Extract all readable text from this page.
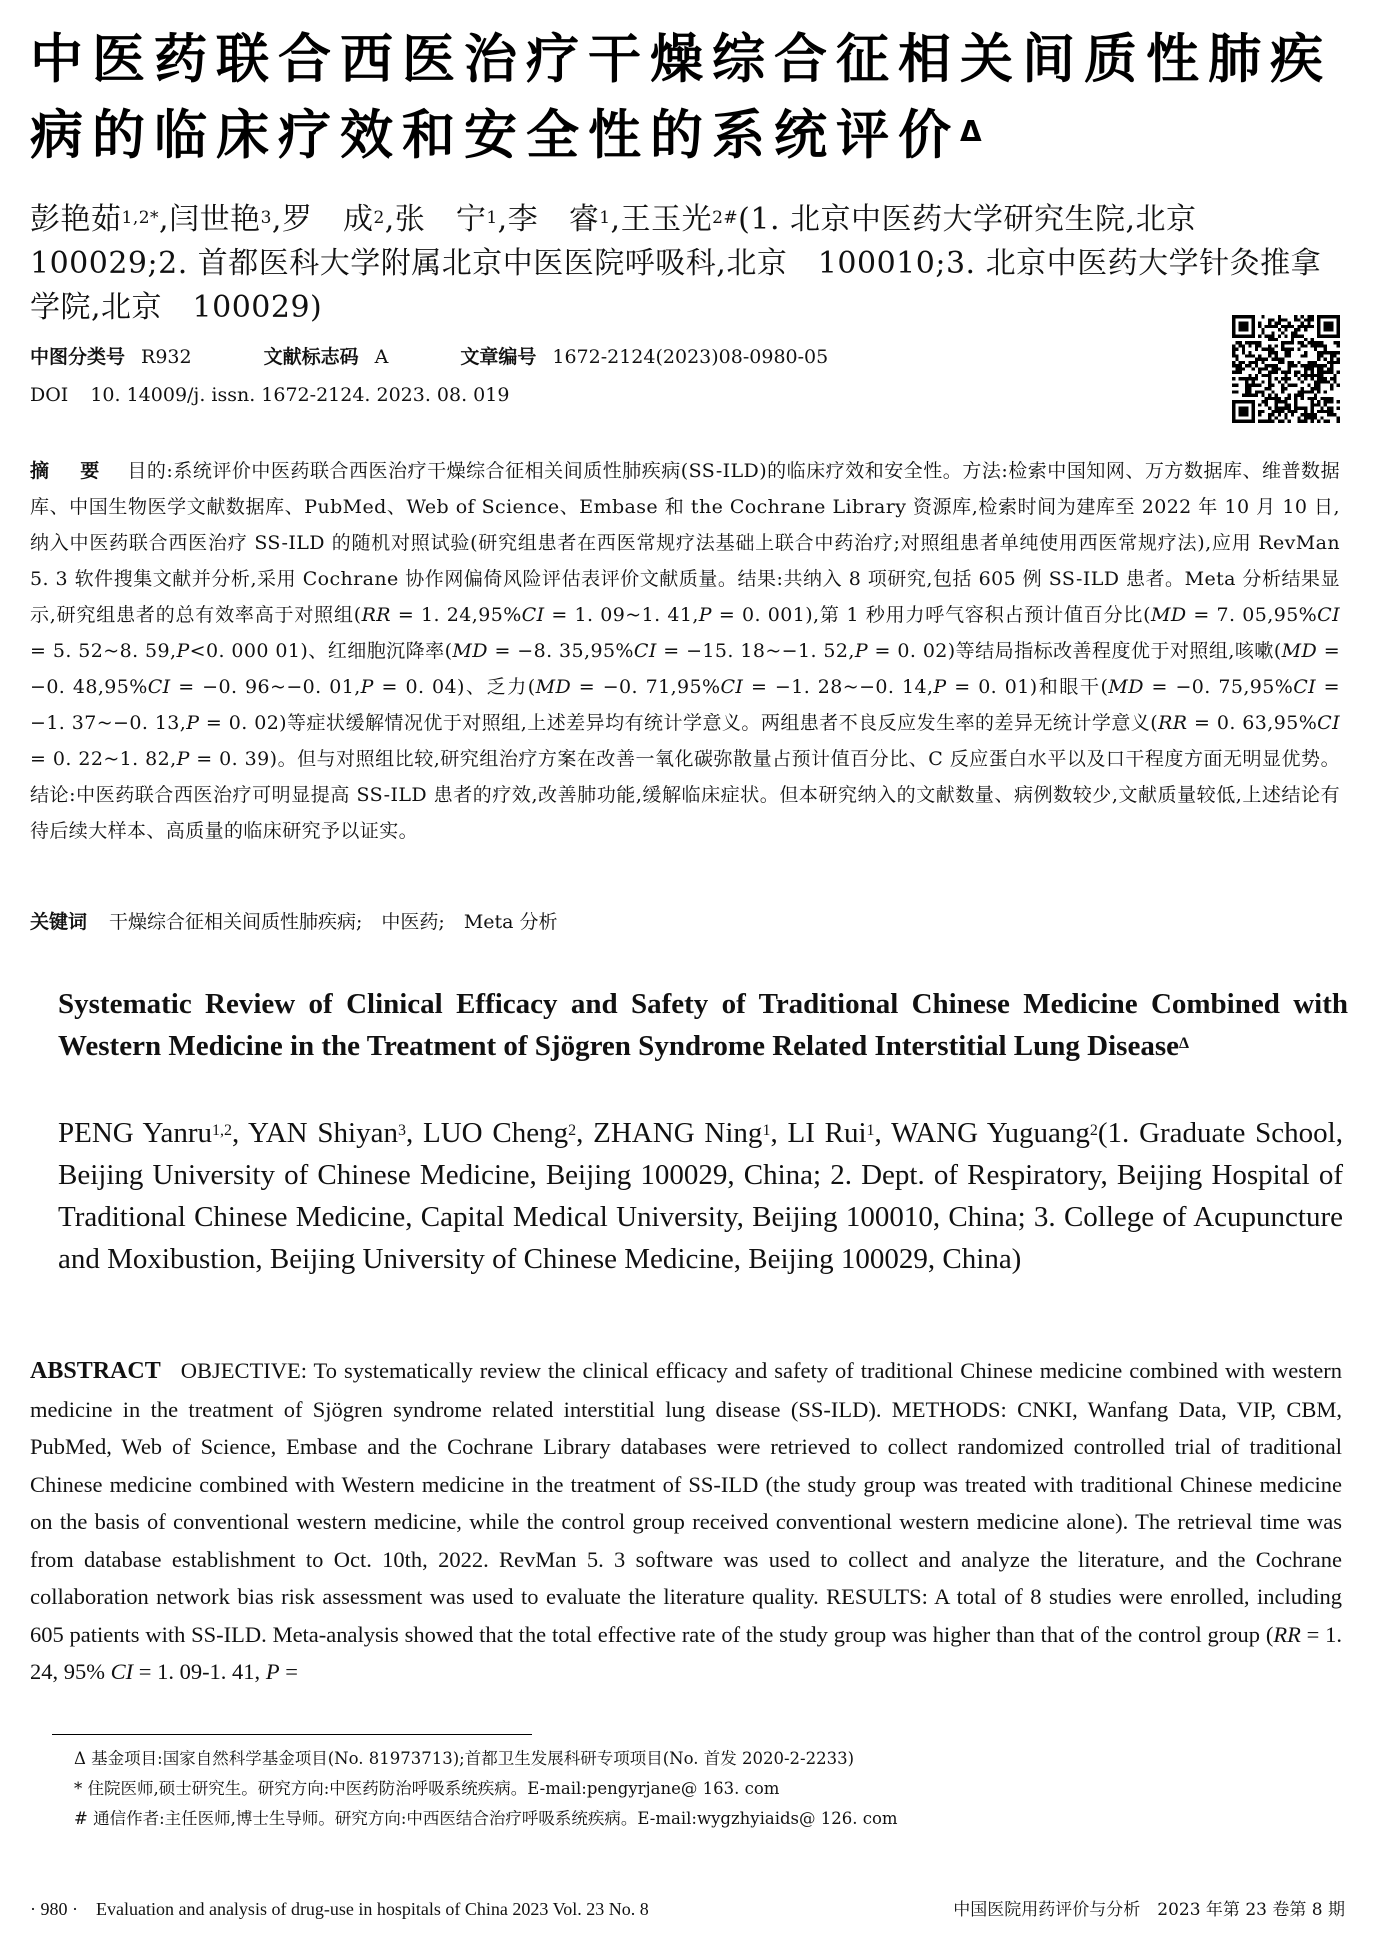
中医药联合西医治疗干燥综合征相关间质性肺疾病的临床疗效和安全性的系统评价$^\Delta$
彭艳茹$^{1,2*}$,闫世艳$^3$,罗　成$^2$,张　宁$^1$,李　睿$^1$,王玉光$^{2\#}$(1. 北京中医药大学研究生院,北京　100029;2. 首都医科大学附属北京中医医院呼吸科,北京　100010;3. 北京中医药大学针灸推拿学院,北京　100029)
中图分类号 R932	文献标志码 A	文章编号 1672-2124(2023)08-0980-05
DOI 10. 14009/j. issn. 1672-2124. 2023. 08. 019
摘　要 目的:系统评价中医药联合西医治疗干燥综合征相关间质性肺疾病(SS-ILD)的临床疗效和安全性。方法:检索中国知网、万方数据库、维普数据库、中国生物医学文献数据库、PubMed、Web of Science、Embase 和 the Cochrane Library 资源库,检索时间为建库至 2022 年 10 月 10 日,纳入中医药联合西医治疗 SS-ILD 的随机对照试验(研究组患者在西医常规疗法基础上联合中药治疗;对照组患者单纯使用西医常规疗法),应用 RevMan 5. 3 软件搜集文献并分析,采用 Cochrane 协作网偏倚风险评估表评价文献质量。结果:共纳入 8 项研究,包括 605 例 SS-ILD 患者。Meta 分析结果显示,研究组患者的总有效率高于对照组(RR = 1. 24,95%CI = 1. 09~1. 41,P = 0. 001),第 1 秒用力呼气容积占预计值百分比(MD = 7. 05,95%CI = 5. 52~8. 59,P<0. 000 01)、红细胞沉降率(MD = −8. 35,95%CI = −15. 18~−1. 52,P = 0. 02)等结局指标改善程度优于对照组,咳嗽(MD = −0. 48,95%CI = −0. 96~−0. 01,P = 0. 04)、乏力(MD = −0. 71,95%CI = −1. 28~−0. 14,P = 0. 01)和眼干(MD = −0. 75,95%CI = −1. 37~−0. 13,P = 0. 02)等症状缓解情况优于对照组,上述差异均有统计学意义。两组患者不良反应发生率的差异无统计学意义(RR = 0. 63,95%CI = 0. 22~1. 82,P = 0. 39)。但与对照组比较,研究组治疗方案在改善一氧化碳弥散量占预计值百分比、C 反应蛋白水平以及口干程度方面无明显优势。结论:中医药联合西医治疗可明显提高 SS-ILD 患者的疗效,改善肺功能,缓解临床症状。但本研究纳入的文献数量、病例数较少,文献质量较低,上述结论有待后续大样本、高质量的临床研究予以证实。
关键词 干燥综合征相关间质性肺疾病;　中医药;　Meta 分析
Systematic Review of Clinical Efficacy and Safety of Traditional Chinese Medicine Combined with Western Medicine in the Treatment of Sjögren Syndrome Related Interstitial Lung Disease$^\Delta$
PENG Yanru$^{1,2}$, YAN Shiyan$^3$, LUO Cheng$^2$, ZHANG Ning$^1$, LI Rui$^1$, WANG Yuguang$^2$(1. Graduate School, Beijing University of Chinese Medicine, Beijing 100029, China; 2. Dept. of Respiratory, Beijing Hospital of Traditional Chinese Medicine, Capital Medical University, Beijing 100010, China; 3. College of Acupuncture and Moxibustion, Beijing University of Chinese Medicine, Beijing 100029, China)
ABSTRACT OBJECTIVE: To systematically review the clinical efficacy and safety of traditional Chinese medicine combined with western medicine in the treatment of Sjögren syndrome related interstitial lung disease (SS-ILD). METHODS: CNKI, Wanfang Data, VIP, CBM, PubMed, Web of Science, Embase and the Cochrane Library databases were retrieved to collect randomized controlled trial of traditional Chinese medicine combined with Western medicine in the treatment of SS-ILD (the study group was treated with traditional Chinese medicine on the basis of conventional western medicine, while the control group received conventional western medicine alone). The retrieval time was from database establishment to Oct. 10th, 2022. RevMan 5. 3 software was used to collect and analyze the literature, and the Cochrane collaboration network bias risk assessment was used to evaluate the literature quality. RESULTS: A total of 8 studies were enrolled, including 605 patients with SS-ILD. Meta-analysis showed that the total effective rate of the study group was higher than that of the control group (RR = 1. 24, 95% CI = 1. 09-1. 41, P =
Δ 基金项目:国家自然科学基金项目(No. 81973713);首都卫生发展科研专项项目(No. 首发 2020-2-2233)
* 住院医师,硕士研究生。研究方向:中医药防治呼吸系统疾病。E-mail:pengyrjane@ 163. com
# 通信作者:主任医师,博士生导师。研究方向:中西医结合治疗呼吸系统疾病。E-mail:wygzhyiaids@ 126. com
· 980 ·　Evaluation and analysis of drug-use in hospitals of China 2023 Vol. 23 No. 8	中国医院用药评价与分析　2023 年第 23 卷第 8 期
